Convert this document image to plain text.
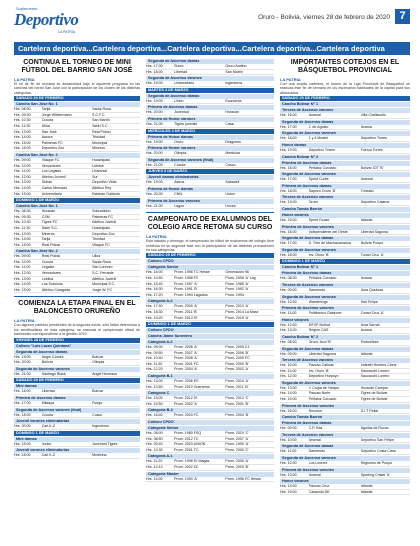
Suplemento
Deportivo
LA PATRIA
Oruro - Bolivia, viernes 28 de febrero de 2020 7
Cartelera deportiva...Cartelera deportiva...Cartelera deportiva...Cartelera deportiva...Cartelera deportiva
CONTINÚA EL TORNEO DE MINI FÚTBOL DEL BARRIO SAN JOSÉ
LA PATRIA
El rol de fin de semana se desarrollará bajo el siguiente programa en las canchas del barrio San José con la participación de los clubes de las distintas categorías.
SÁBADO 29 DE FEBRERO
Cancha San José No. 1
Hrs. 08:30	Tarija	Santa Rosa
Hrs. 09:30	Jorge Wilstermann	S.C.F.C.
Hrs. 10:30	Cúcuta	San Martín
Hrs. 11:30	Ulloa	Sariri S.C.
Hrs. 13:00	San José	Real Potosí
Hrs. 14:00	Aurora	Trinidad
Hrs. 15:00	Palmeras FC	Municipal
Hrs. 16:00	Deportivo Zoo	Mineros
Cancha San José No. 2
Hrs. 09:00	Vilaque FC	Huachipato
Hrs. 10:00	Vencedores	Lobitos
Hrs. 11:00	Los Legales	Universal
Hrs. 12:00	Atlético Juvenil	Sur
Hrs. 13:00	Sebas	Deportivo Vidal
Hrs. 14:00	Carlos Mercado	Atlético Rey
Hrs. 15:00	Universitario	Esteban Gallardo
DOMINGO 1 DE MARZO
Cancha San José No. 1
Hrs. 08:30	Huracán	Sobradinho
Hrs. 09:30	CSM	Palmeras FC
Hrs. 10:30	Tigres FC	Atlético Juvenil
Hrs. 11:30	Sariri S.C.	Huachipato
Hrs. 13:00	Mineros	Deportivo Zoo
Hrs. 14:00	Tarija	Trinidad
Hrs. 15:00	Real Potosí	Vilaque FC
Cancha San José No. 2
Hrs. 09:00	Real Potosí	Ulloa
Hrs. 10:00	Cúcuta	Santa Rosa
Hrs. 11:00	Legales	San Lorenzo
Hrs. 12:00	Vencedores	S.C. Ferrante
Hrs. 13:00	Lobitos	Atlético Juvenil
Hrs. 14:00	Los Sobrinos	Municipal S.C.
Hrs. 15:00	Atlético Cotagaita	Jorge W. FC
COMIENZA LA ETAPA FINAL EN EL BALONCESTO ORUREÑO
LA PATRIA
Con algunos partidos pendientes de la segunda rueda, sólo faltan determinar a los semifinalistas en esta categoría, se reanuda el campeonato oficial de baloncesto correspondiente a la gestión 2019.
VIERNES 28 DE FEBRERO
Coliseo "Luis Lazzo Quintana"
Segunda de Ascenso damas
Hrs. 19:00	Ángel Gómez	Bolívar
Hrs. 20:00	Bolívar	Olimpia
Segunda de Ascenso varones
Hrs. 21:00	Santiago Black	Ángel Hermano
SÁBADO 29 DE FEBRERO
Mini damas
Hrs. 16:00	Libertad	Bolívar
Primera de Ascenso damas
Hrs. 17:00	Mitsaya	Fuego
Segunda de Ascenso varones (final)
Hrs. 18:00	Cúcuta	Cusco
Juvenil varones eliminatorias
Hrs. 20:00	Carl K-Z	Ingenieros
DOMINGO 1 DE MARZO
Mini damas
Hrs. 15:00	Junior	Juventud Tigres
Juvenil varones eliminatorias
Hrs. 18:00	Carl K-Z	Medicina
Segunda de Ascenso damas
Hrs. 17:00	Sucre	Oruro Andino
Hrs. 18:00	Libertad	San Martín
Segunda de Ascenso varones
Hrs. 19:00	Universitario	Ingenieros
MARTES 3 DE MARZO
Segunda de Ascenso damas
Hrs. 19:00	Unión	Economía
Primera de Ascenso damas
Hrs. 20:00	Juventud	Huracán
Primera de Honor varones
Hrs. 21:00	Tigres juvenile	Casa
MIÉRCOLES 4 DE MARZO
Primera de Honor damas
Hrs. 19:00	Oruro	Dragones
Primera de Honor varones
Hrs. 20:00	Olimpia	Medicina
Segunda de Ascenso varones (final)
Hrs. 21:00	Cúcuta	Cusco
JUEVES 5 DE MARZO
Juvenil damas eliminatorias
Hrs. 19:00	Astros	Sabadell
Primera de Honor damas
Hrs. 20:00	CNN	Unión
Primera de Ascenso varones
Hrs. 21:00	Lagos	Linces
CAMPEONATO DE EXALUMNOS DEL COLEGIO ARCE RETOMA SU CURSO
LA PATRIA
Este sábado y domingo, el campeonato de fútbol de exalumnos del colegio Arce continúa en su segunda fase con la participación de las distintas promociones en sus categorías.
SÁBADO 29 DE FEBRERO
Coliseo CPDO
Categoría Senior
Hrs. 14:00	Prom. 1996 TC Hesse	Generación 96
Hrs. 14:50	Prom. 1998 FC	Prom. 1999 'A' Lag
Hrs. 15:40	Prom. 1997 'A'	Prom. 1985 'A'
Hrs. 16:30	Prom. 1991 'B'	Prom. 1992 'A'
Hrs. 17:20	Prom. 1994 Lagartos	Prom. 1994
Categoría A-2
Hrs. 17:40	Prom. 2000 'A'	Prom. 2013 'A'
Hrs. 18:30	Prom. 2011 'B'	Prom. 2014 La Mara
Hrs. 19:20	Prom. 2013 'B'	Prom. 2015 'A'
DOMINGO 1 DE MARZO
Coliseo CPDO
Cancha Jaime Sunevero
Categoría A-2
Hrs. 09:00	Prom. 2006 'A'	Prom. 2005 C1
Hrs. 09:50	Prom. 2007 'A'	Prom. 2006 'B'
Hrs. 10:40	Prom. 2008 'A'	Prom. 2009 FC
Hrs. 11:30	Prom. 2001 FC	Prom. 2000 'B'
Hrs. 12:20	Prom. 2004 'A'	Prom. 2002 'A'
Categoría B-1
Hrs. 13:00	Prom. 2006 ES	Prom. 2010 'A'
Hrs. 13:50	Prom. 2010 Guerreros	Prom. 2011 'B'
Categoría C
Hrs. 15:00	Prom. 2012 'B'	Prom. 2012 'C'
Hrs. 15:50	Prom. 2002 'A'	Prom. 2001 'B'
Categoría B-2
Hrs. 16:40	Prom. 2003 FC	Prom. 2004 'B'
Coliseo CPDO
Categoría Senior
Hrs. 08:00	Prom. 1980 FSQ	Prom. 2010 'C'
Hrs. 08:50	Prom. 2012 TC	Prom. 2007 'A'
Hrs. 09:40	Prom. 2003 UNION	Prom. 1990 'A'
Hrs. 10:30	Prom. 2001 TC	Prom. 2000 'C'
Categoría A-1
Hrs. 11:20	Prom. 1998 'B' Magas	Prom. 2005 'A'
Hrs. 12:10	Prom. 2002 ZC	Prom. 2003 'B'
Categoría Master
Hrs. 14:00	Prom. 1990 'A'	Prom. 1996 FC Hesse
IMPORTANTES COTEJOS EN EL BÁSQUETBOL PROVINCIAL
LA PATRIA
Con una amplia cartelera, el torneo de la Liga Provincial de Básquetbol se reanuda este fin de semana en los escenarios habituales de la capital para sus aficionados.
SÁBADO 29 DE FEBRERO
Cancha Bolívar N° 1
Tercera de Ascenso varones
Hrs. 16:00	Arsenal	Villa Challacollo
Segunda de Ascenso damas
Hrs. 17:00	J. de Agosto	Avaroa
Segunda de Ascenso varones
Hrs. 18:00	1 y 4 Mustel	Deportivo Torres
Honor damas
Hrs. 19:00	Deportivo Torres	Fuerza Torres
Cancha Bolívar N° 2
Primera de Ascenso damas
Hrs. 16:00	Peñaloz Coroado	Bolívar IOT 'B'
Segunda de Ascenso varones
Hrs. 17:00	Sprint Curbe	Arsenal
Primera de Ascenso damas
Hrs. 18:00	Saprizo Oruro 'B'	Trinidad
Tercera de Ascenso varones
Hrs. 19:00	Oruro	Deportivo Calama
Cancha Tomás Barrón
Honor varones
Hrs. 15:00	Sprint Ocase	Atlantis
Primera de Ascenso varones
Hrs. 16:00	Independiente del Oeste	Libertad Saguma
Segunda de Ascenso damas
Hrs. 17:00	S. Tren de Machacamarca	Bolívar Poopó
Segunda de Ascenso varones
Hrs. 18:00	Inv. Oruro 'B'	Tunari Cruz 'A'
DOMINGO 1 DE MARZO
Cancha Bolívar N° 1
Primera de Ascenso damas
Hrs. 08:00	Peñaloz Coroado	Avaroa
Tercera de Ascenso varones
Hrs. 09:00	Sarmiento	Arsa Quebara
Segunda de Ascenso varones
Hrs. 10:00	Wanderings	San Felipe
Primera de Ascenso varones
Hrs. 11:00	Politécnico Gabirove	Tunari Cruz 'A'
Honor varones
Hrs. 12:00	MTVP Nuñoa	Arsa Sarnal
Hrs. 13:00	Región CAS	Avaroa
Cancha Bolívar N° 2
Hrs. 08:00	Oruro, Azul 'B'	Embrollese
Segunda de Ascenso damas
Hrs. 09:00	Libertad Saguma	Atlantis
Tercera de Ascenso varones
Hrs. 10:00	Pazcao Catinas	Indeath Hunters Clone
Hrs. 11:00	Inv. Oruro 'B'	Saucacchi Lonero
Hrs. 12:00	Deportivo Hurpoyo	Saucacchi Lonero
Segunda de Ascenso varones
Hrs. 13:00	J. Colpa de Yahipa	Huracán Campal
Hrs. 14:00	Pazcao Norte	Tigres de Bolívar
Hrs. 15:00	Peñaloz Coroado	Tigres de Bolívar
Primera de Ascenso varones
Hrs. 16:00	Recolon	D.I.T Pellal
Cancha Tomás Barrón
Primera de Ascenso damas
Hrs. 09:00	C.P. Kas	Águilas de Rucan
Tercera de Ascenso varones
Hrs. 10:00	Arsenal	Deportivo San Felipe
Segunda de Ascenso damas
Hrs. 11:00	Sarmiento	Deportivo Costa Casa
Segunda de Ascenso varones
Hrs. 12:00	Los Leones	Regiones de Poopó
Primera de Ascenso varones
Hrs. 13:00	Arsenal	Sporting Cristal 'A'
Honor varones
Hrs. 14:00	Pazcao Cruz	Atlantis
Hrs. 15:00	Casacola DK	Atlantis
